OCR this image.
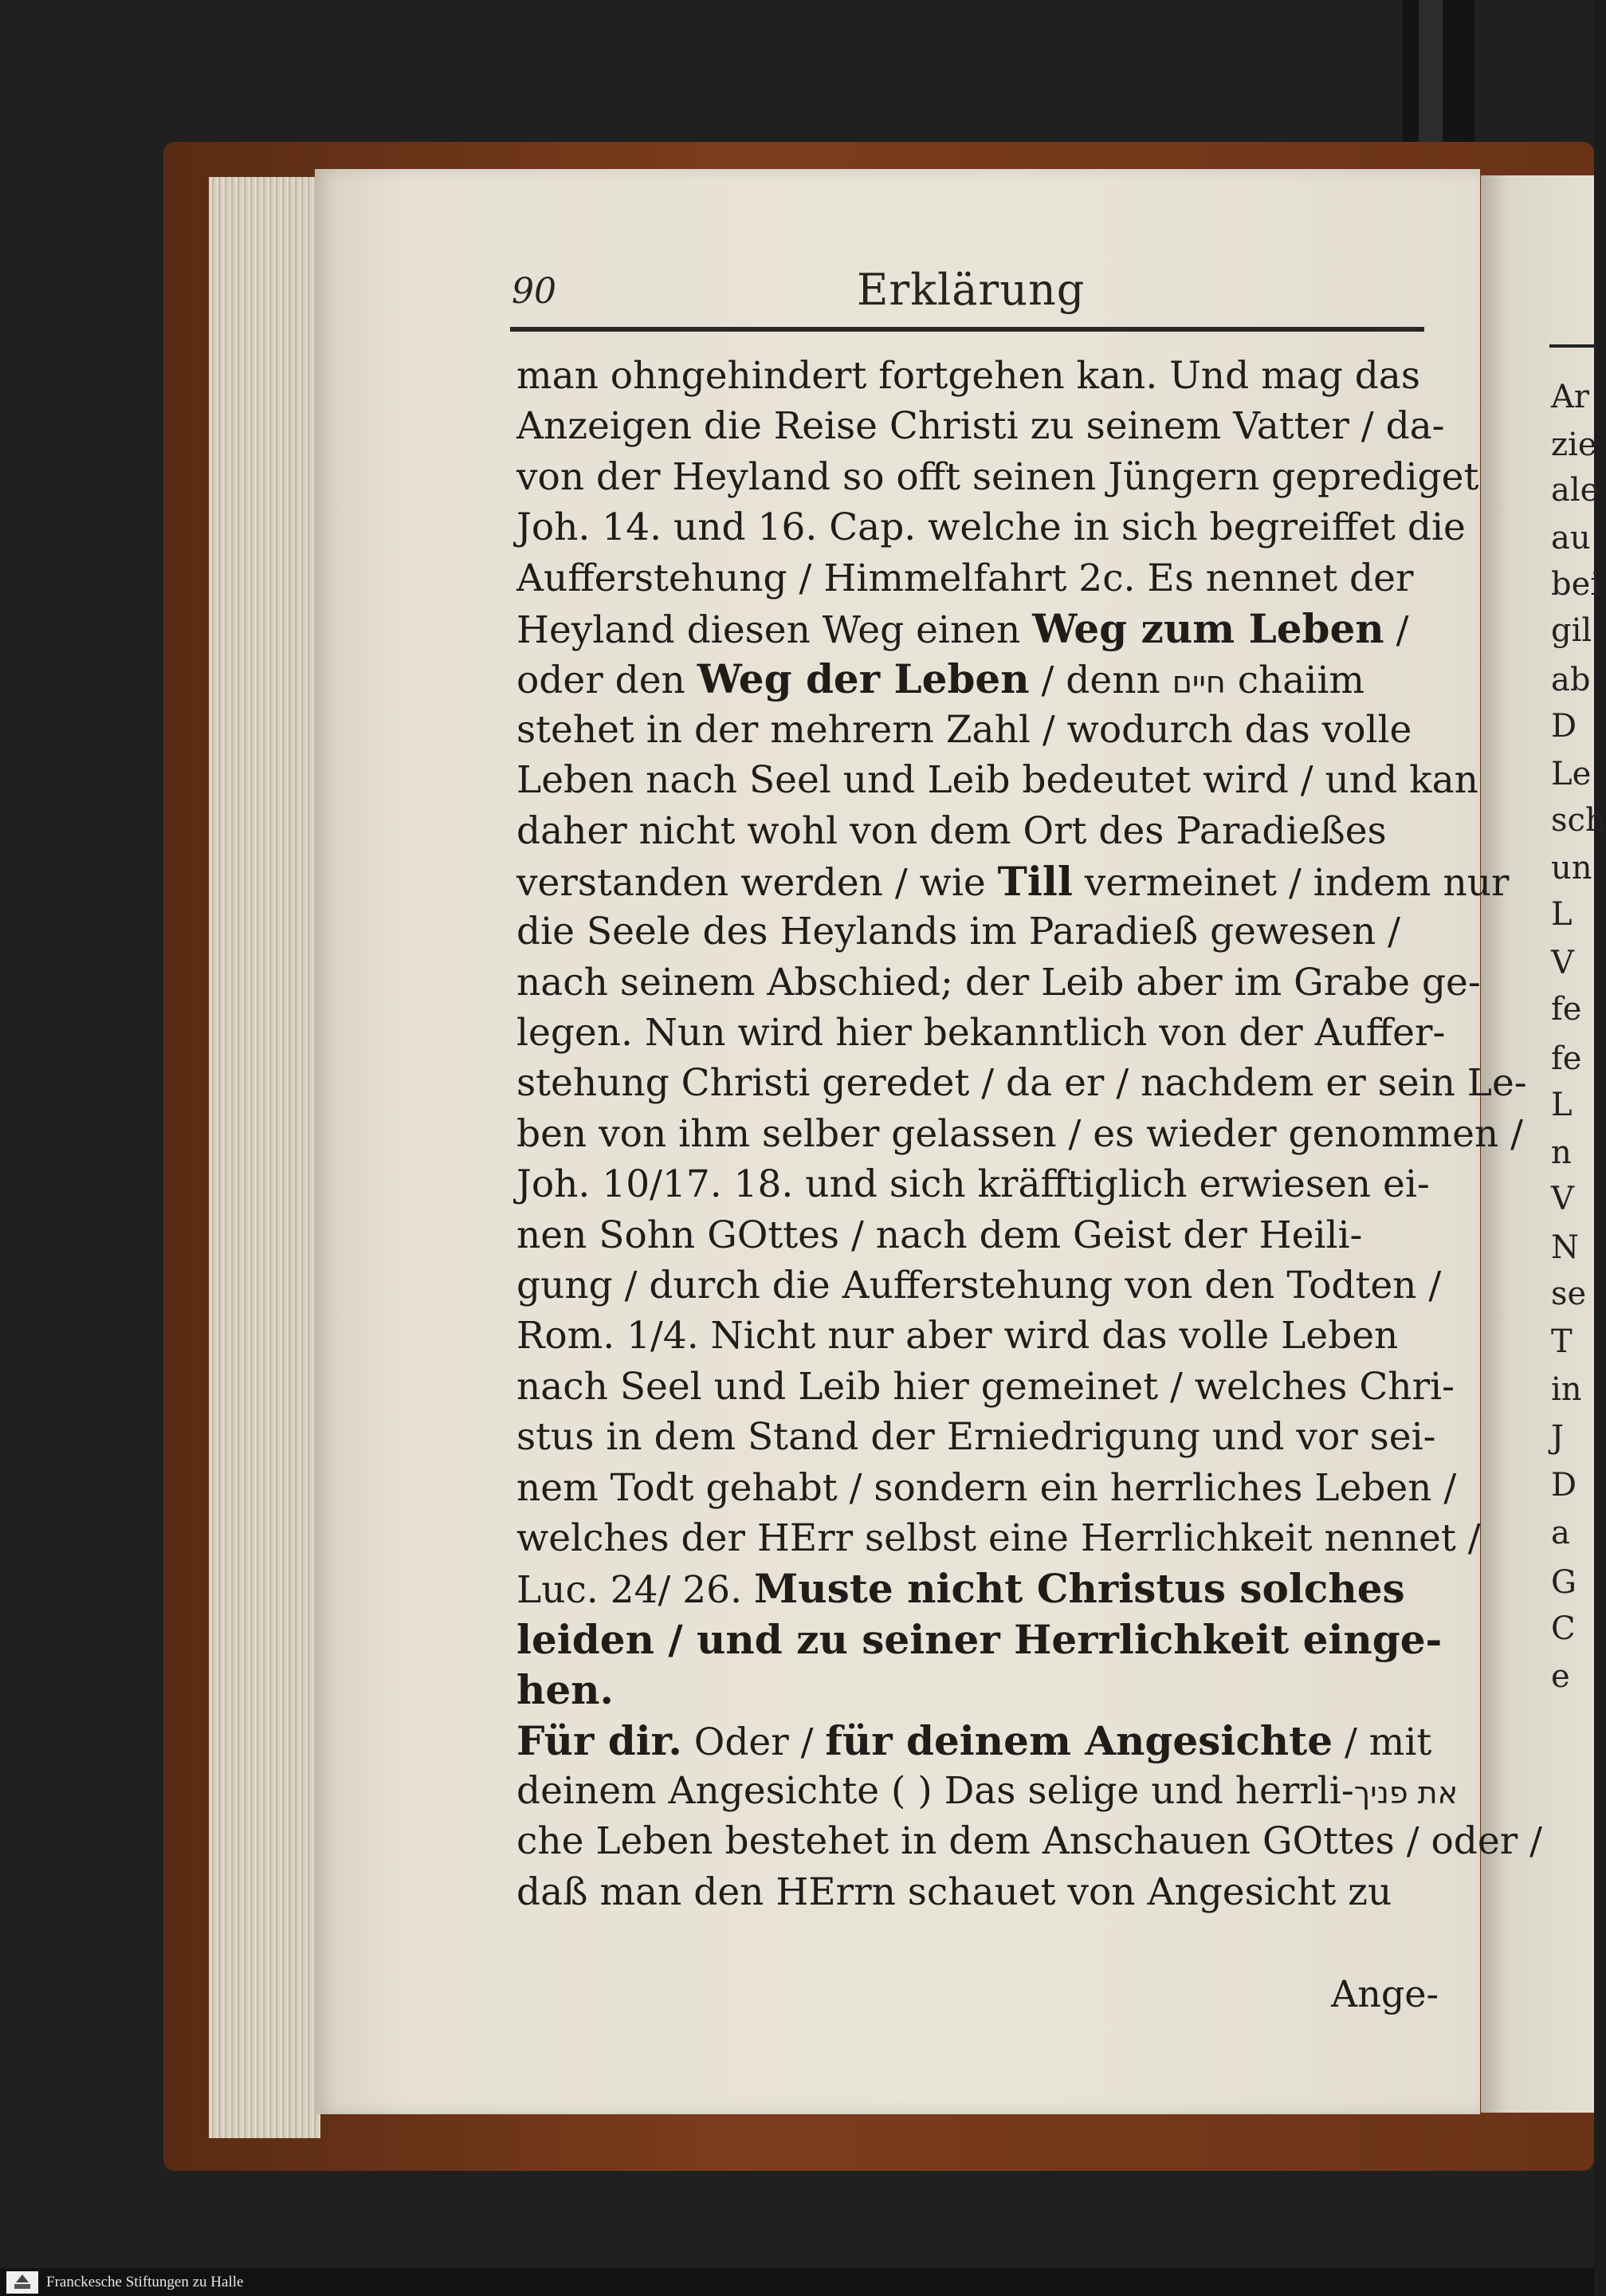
Ar
zie
ale
au
bei
gil
ab
D
Le
sch
un
L
V
fe
fe
L
n
V
N
se
T
in
J
D
a
G
C
e
90	Erklärung
man ohngehindert fortgehen kan. Und mag das
Anzeigen die Reise Christi zu seinem Vatter / da-
von der Heyland so offt seinen Jüngern geprediget
Joh. 14. und 16. Cap. welche in sich begreiffet die
Aufferstehung / Himmelfahrt 2c. Es nennet der
Heyland diesen Weg einen Weg zum Leben /
oder den Weg der Leben / denn חיים chaiim
stehet in der mehrern Zahl / wodurch das volle
Leben nach Seel und Leib bedeutet wird / und kan
daher nicht wohl von dem Ort des Paradießes
verstanden werden / wie Till vermeinet / indem nur
die Seele des Heylands im Paradieß gewesen /
nach seinem Abschied; der Leib aber im Grabe ge-
legen. Nun wird hier bekanntlich von der Auffer-
stehung Christi geredet / da er / nachdem er sein Le-
ben von ihm selber gelassen / es wieder genommen /
Joh. 10/17. 18. und sich kräfftiglich erwiesen ei-
nen Sohn GOttes / nach dem Geist der Heili-
gung / durch die Aufferstehung von den Todten /
Rom. 1/4. Nicht nur aber wird das volle Leben
nach Seel und Leib hier gemeinet / welches Chri-
stus in dem Stand der Erniedrigung und vor sei-
nem Todt gehabt / sondern ein herrliches Leben /
welches der HErr selbst eine Herrlichkeit nennet /
Luc. 24/ 26. Muste nicht Christus solches
leiden / und zu seiner Herrlichkeit einge-
hen.
Für dir. Oder / für deinem Angesichte / mit
deinem Angesichte ( ) Das selige und herrli-את פניך
che Leben bestehet in dem Anschauen GOttes / oder /
daß man den HErrn schauet von Angesicht zu
Ange-
Franckesche Stiftungen zu Halle
